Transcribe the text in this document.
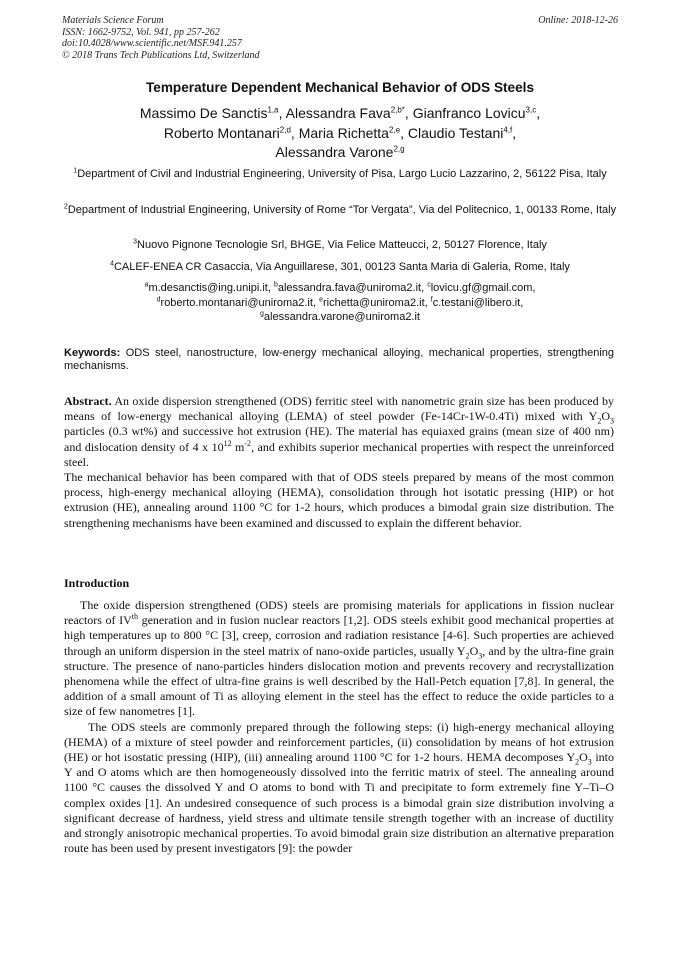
Materials Science Forum
ISSN: 1662-9752, Vol. 941, pp 257-262
doi:10.4028/www.scientific.net/MSF.941.257
© 2018 Trans Tech Publications Ltd, Switzerland
Online: 2018-12-26
Temperature Dependent Mechanical Behavior of ODS Steels
Massimo De Sanctis$^{1,a}$, Alessandra Fava$^{2,b*}$, Gianfranco Lovicu$^{3,c}$,
Roberto Montanari$^{2,d}$, Maria Richetta$^{2,e}$, Claudio Testani$^{4,f}$,
Alessandra Varone$^{2,g}$
$^1$Department of Civil and Industrial Engineering, University of Pisa, Largo Lucio Lazzarino, 2, 56122 Pisa, Italy
$^2$Department of Industrial Engineering, University of Rome “Tor Vergata”, Via del Politecnico, 1, 00133 Rome, Italy
$^3$Nuovo Pignone Tecnologie Srl, BHGE, Via Felice Matteucci, 2, 50127 Florence, Italy
$^4$CALEF-ENEA CR Casaccia, Via Anguillarese, 301, 00123 Santa Maria di Galeria, Rome, Italy
$^a$m.desanctis@ing.unipi.it, $^b$alessandra.fava@uniroma2.it, $^c$lovicu.gf@gmail.com,
$^d$roberto.montanari@uniroma2.it, $^e$richetta@uniroma2.it, $^f$c.testani@libero.it,
$^g$alessandra.varone@uniroma2.it
Keywords: ODS steel, nanostructure, low-energy mechanical alloying, mechanical properties, strengthening mechanisms.

Abstract. An oxide dispersion strengthened (ODS) ferritic steel with nanometric grain size has been produced by means of low-energy mechanical alloying (LEMA) of steel powder (Fe-14Cr-1W-0.4Ti) mixed with $Y_2O_3$ particles (0.3 wt%) and successive hot extrusion (HE). The material has equiaxed grains (mean size of 400 nm) and dislocation density of 4 x $10^{12}$ $m^{-2}$, and exhibits superior mechanical properties with respect the unreinforced steel.

The mechanical behavior has been compared with that of ODS steels prepared by means of the most common process, high-energy mechanical alloying (HEMA), consolidation through hot isotatic pressing (HIP) or hot extrusion (HE), annealing around 1100 °C for 1-2 hours, which produces a bimodal grain size distribution. The strengthening mechanisms have been examined and discussed to explain the different behavior.

Introduction

The oxide dispersion strengthened (ODS) steels are promising materials for applications in fission nuclear reactors of IVth generation and in fusion nuclear reactors [1,2]. ODS steels exhibit good mechanical properties at high temperatures up to 800 °C [3], creep, corrosion and radiation resistance [4-6]. Such properties are achieved through an uniform dispersion in the steel matrix of nano-oxide particles, usually $Y_2O_3$, and by the ultra-fine grain structure. The presence of nano-particles hinders dislocation motion and prevents recovery and recrystallization phenomena while the effect of ultra-fine grains is well described by the Hall-Petch equation [7,8]. In general, the addition of a small amount of Ti as alloying element in the steel has the effect to reduce the oxide particles to a size of few nanometres [1].

The ODS steels are commonly prepared through the following steps: (i) high-energy mechanical alloying (HEMA) of a mixture of steel powder and reinforcement particles, (ii) consolidation by means of hot extrusion (HE) or hot isostatic pressing (HIP), (iii) annealing around 1100 °C for 1-2 hours. HEMA decomposes $Y_2O_3$ into Y and O atoms which are then homogeneously dissolved into the ferritic matrix of steel. The annealing around 1100 °C causes the dissolved Y and O atoms to bond with Ti and precipitate to form extremely fine Y–Ti–O complex oxides [1]. An undesired consequence of such process is a bimodal grain size distribution involving a significant decrease of hardness, yield stress and ultimate tensile strength together with an increase of ductility and strongly anisotropic mechanical properties. To avoid bimodal grain size distribution an alternative preparation route has been used by present investigators [9]: the powder
